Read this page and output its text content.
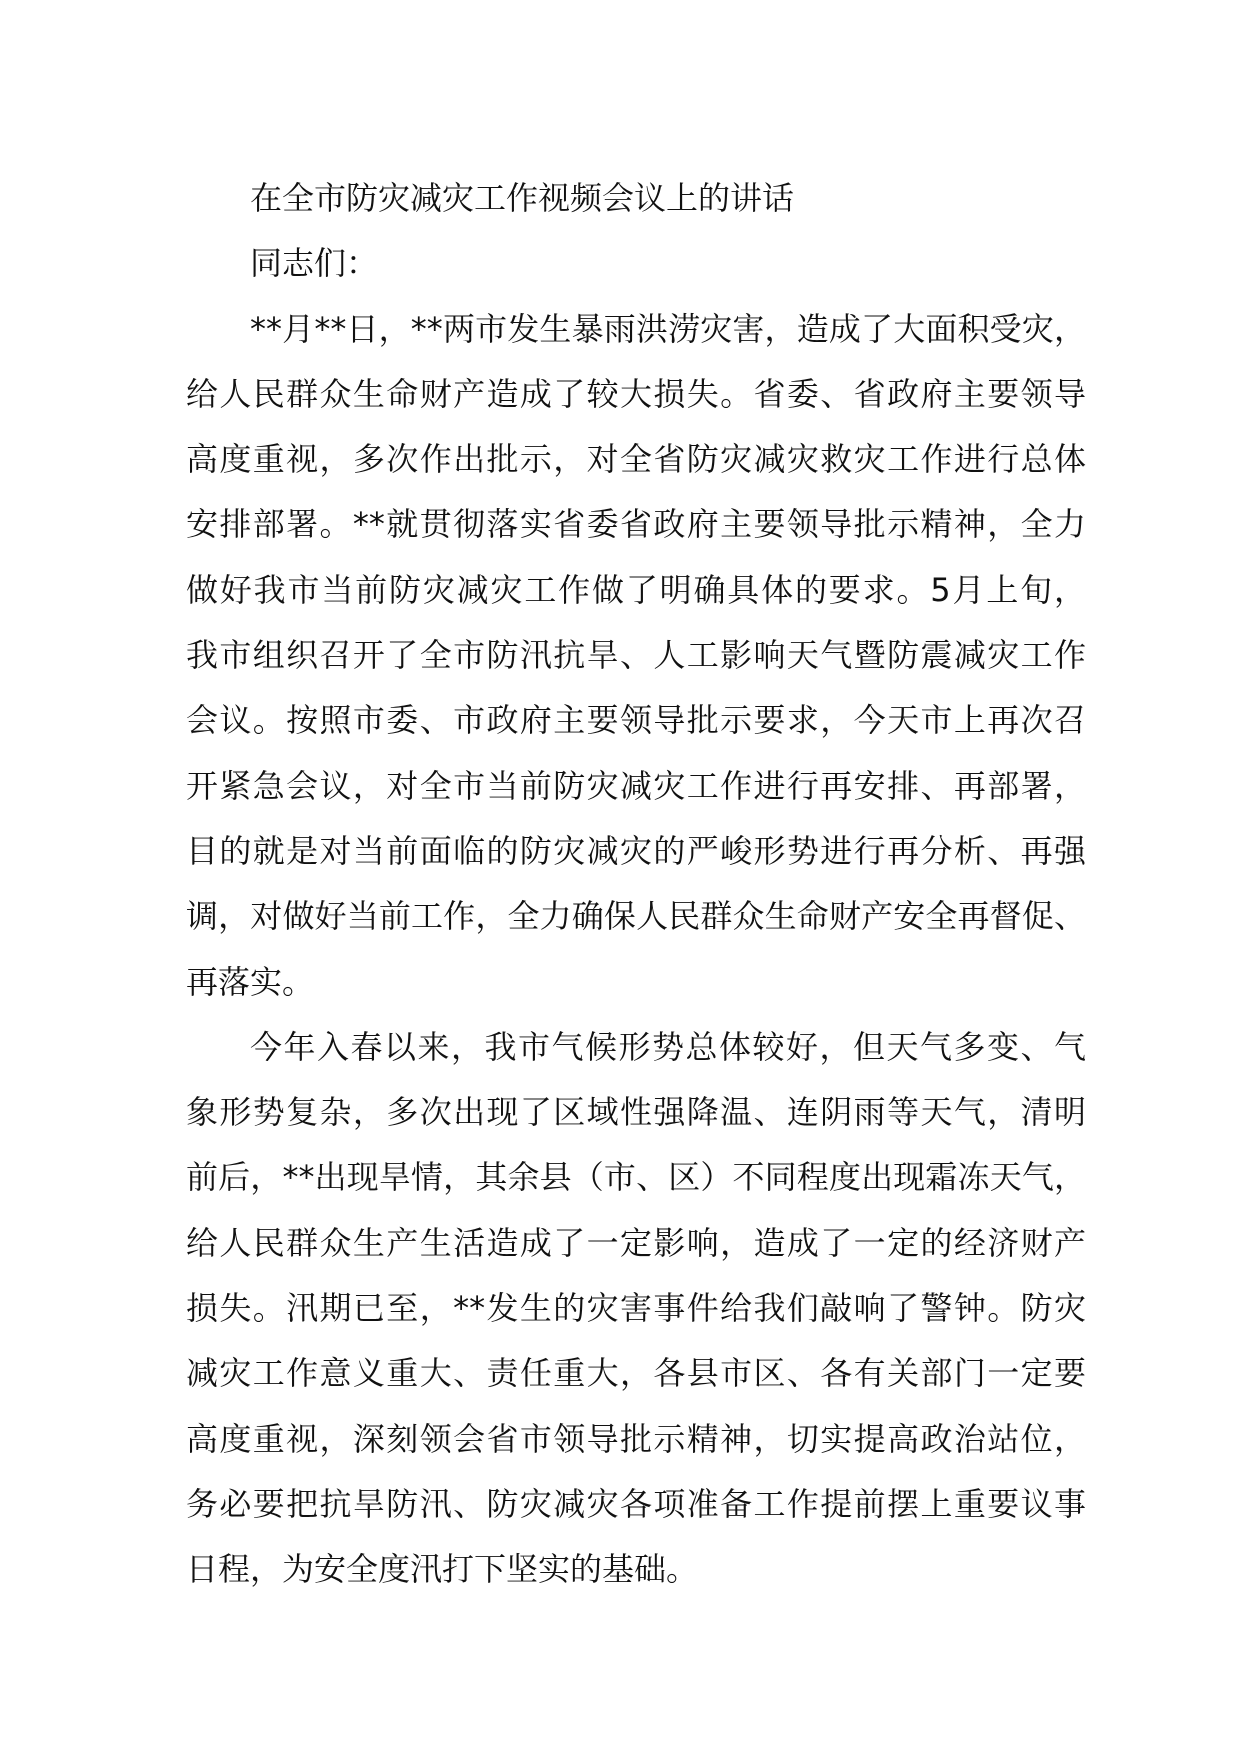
在全市防灾减灾工作视频会议上的讲话
同志们：
**月**日，**两市发生暴雨洪涝灾害，造成了大面积受灾，
给人民群众生命财产造成了较大损失。省委、省政府主要领导
高度重视，多次作出批示，对全省防灾减灾救灾工作进行总体
安排部署。**就贯彻落实省委省政府主要领导批示精神，全力
做好我市当前防灾减灾工作做了明确具体的要求。5月上旬，
我市组织召开了全市防汛抗旱、人工影响天气暨防震减灾工作
会议。按照市委、市政府主要领导批示要求，今天市上再次召
开紧急会议，对全市当前防灾减灾工作进行再安排、再部署，
目的就是对当前面临的防灾减灾的严峻形势进行再分析、再强
调，对做好当前工作，全力确保人民群众生命财产安全再督促、
再落实。
今年入春以来，我市气候形势总体较好，但天气多变、气
象形势复杂，多次出现了区域性强降温、连阴雨等天气，清明
前后，**出现旱情，其余县（市、区）不同程度出现霜冻天气，
给人民群众生产生活造成了一定影响，造成了一定的经济财产
损失。汛期已至，**发生的灾害事件给我们敲响了警钟。防灾
减灾工作意义重大、责任重大，各县市区、各有关部门一定要
高度重视，深刻领会省市领导批示精神，切实提高政治站位，
务必要把抗旱防汛、防灾减灾各项准备工作提前摆上重要议事
日程，为安全度汛打下坚实的基础。
